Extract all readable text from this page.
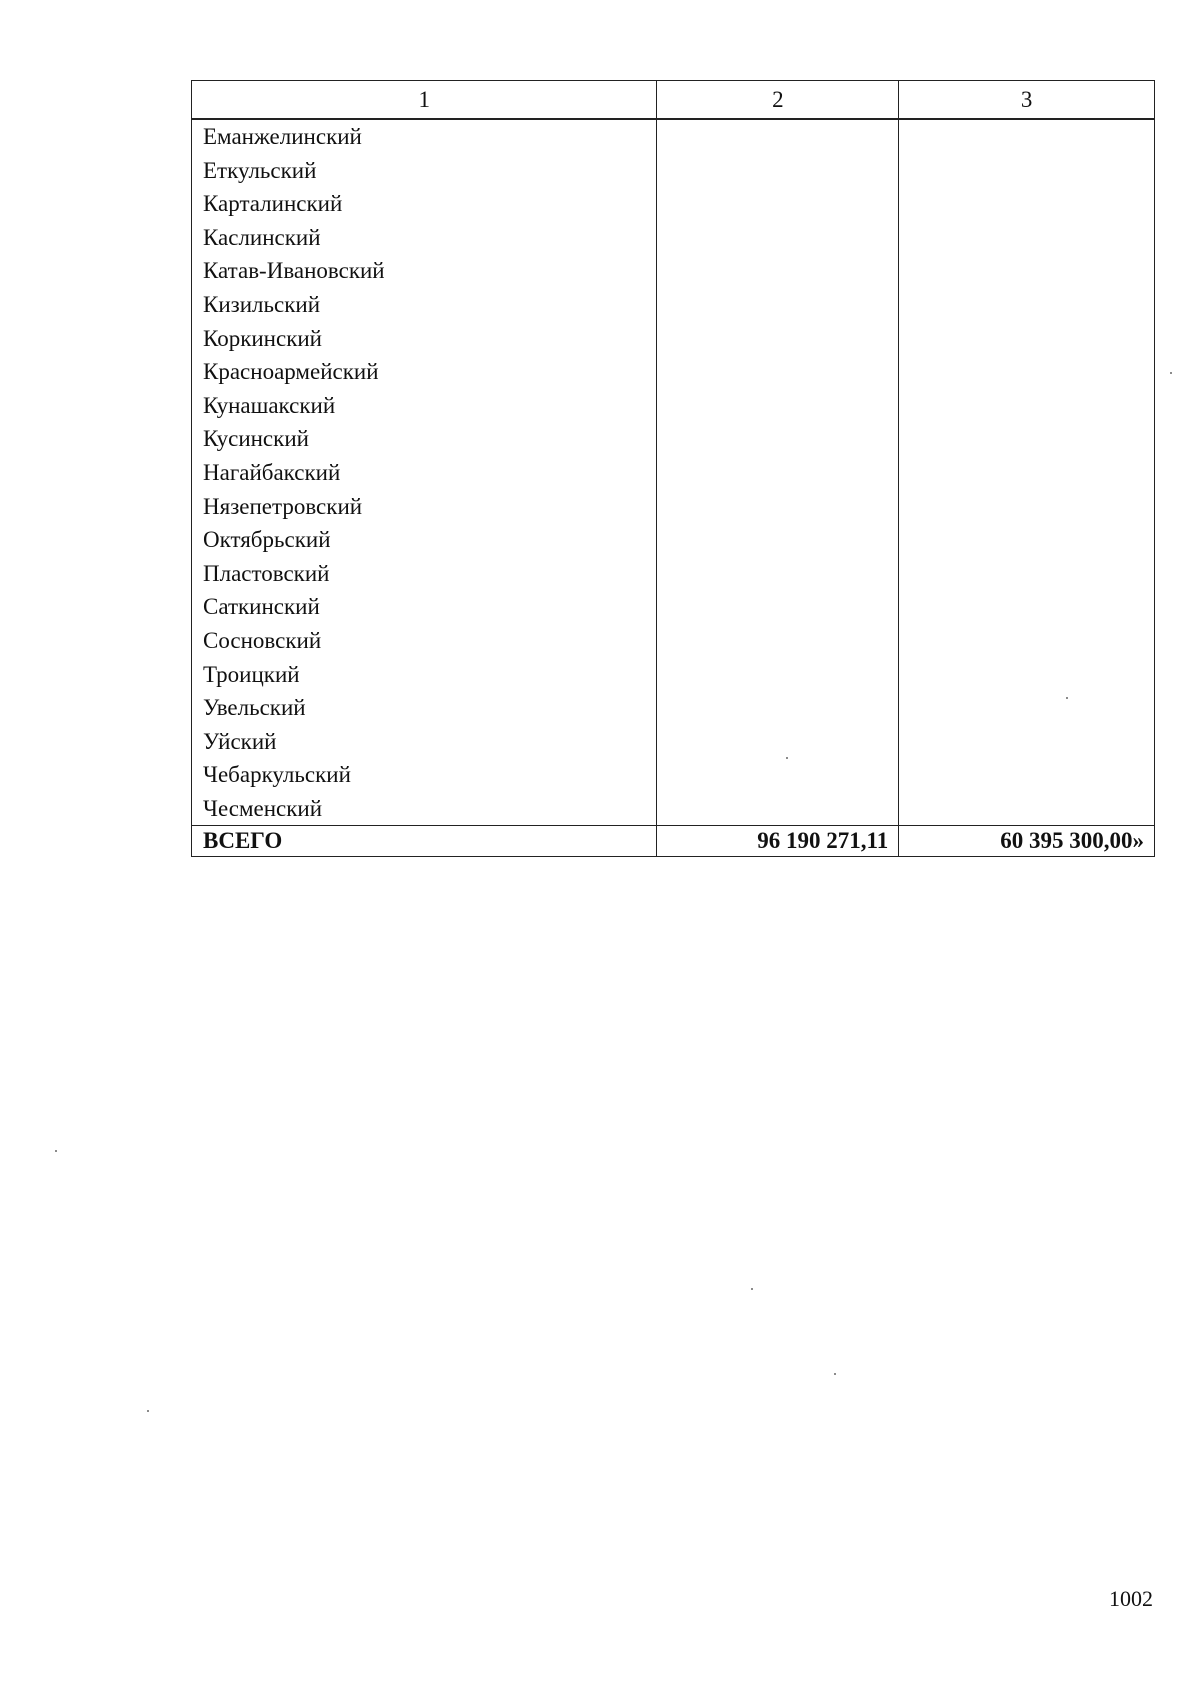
1	2	3
Еманжелинский		
Еткульский		
Карталинский		
Каслинский		
Катав-Ивановский		
Кизильский		
Коркинский		
Красноармейский		
Кунашакский		
Кусинский		
Нагайбакский		
Нязепетровский		
Октябрьский		
Пластовский		
Саткинский		
Сосновский		
Троицкий		
Увельский		
Уйский		
Чебаркульский		
Чесменский		
ВСЕГО	96 190 271,11	60 395 300,00»
1002
